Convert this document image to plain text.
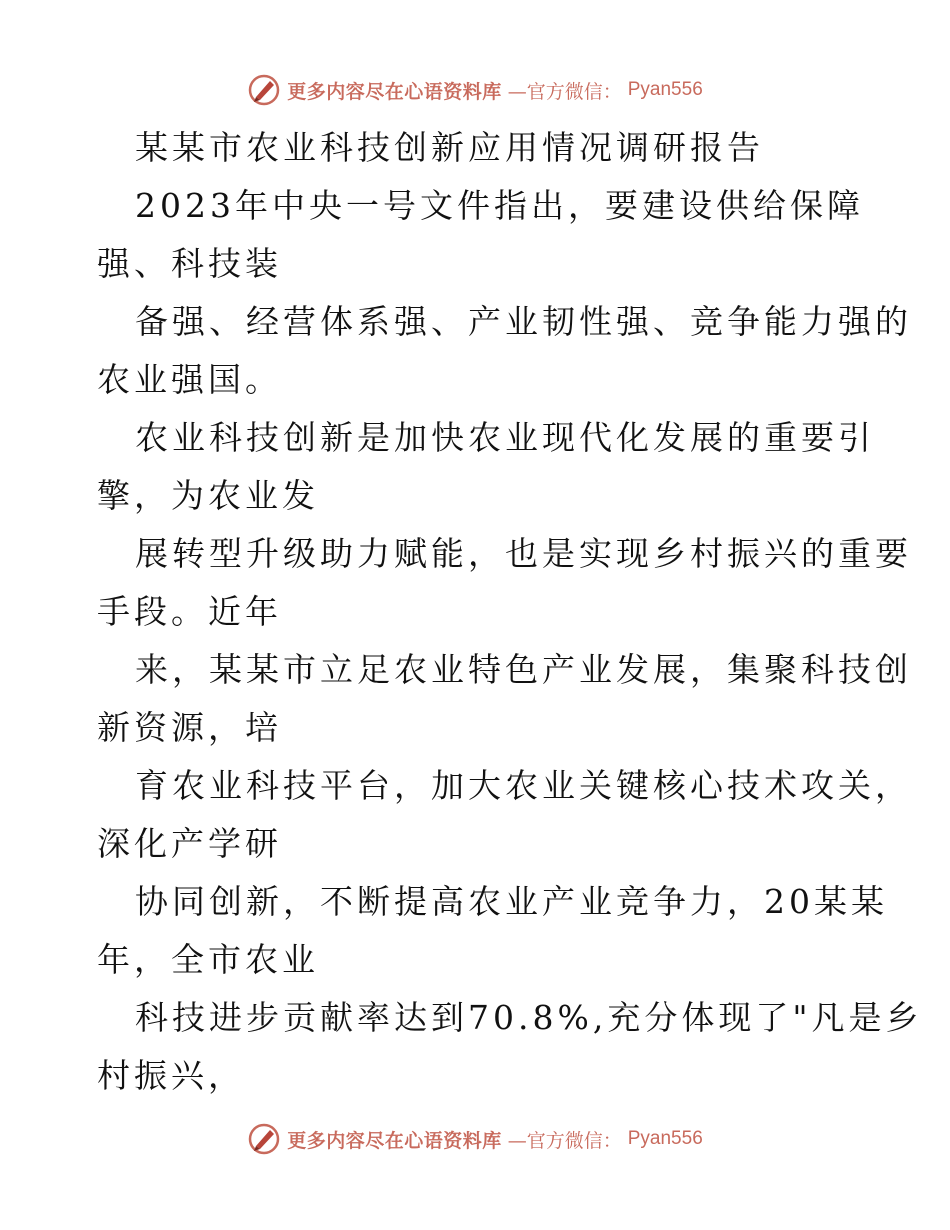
更多内容尽在心语资料库 —官方微信： Pyan556
某某市农业科技创新应用情况调研报告
2023年中央一号文件指出，要建设供给保障
强、科技装
备强、经营体系强、产业韧性强、竞争能力强的
农业强国。
农业科技创新是加快农业现代化发展的重要引
擎，为农业发
展转型升级助力赋能，也是实现乡村振兴的重要
手段。近年
来，某某市立足农业特色产业发展，集聚科技创
新资源，培
育农业科技平台，加大农业关键核心技术攻关，
深化产学研
协同创新，不断提高农业产业竞争力，20某某
年，全市农业
科技进步贡献率达到70.8%,充分体现了"凡是乡
村振兴，
更多内容尽在心语资料库 —官方微信： Pyan556
